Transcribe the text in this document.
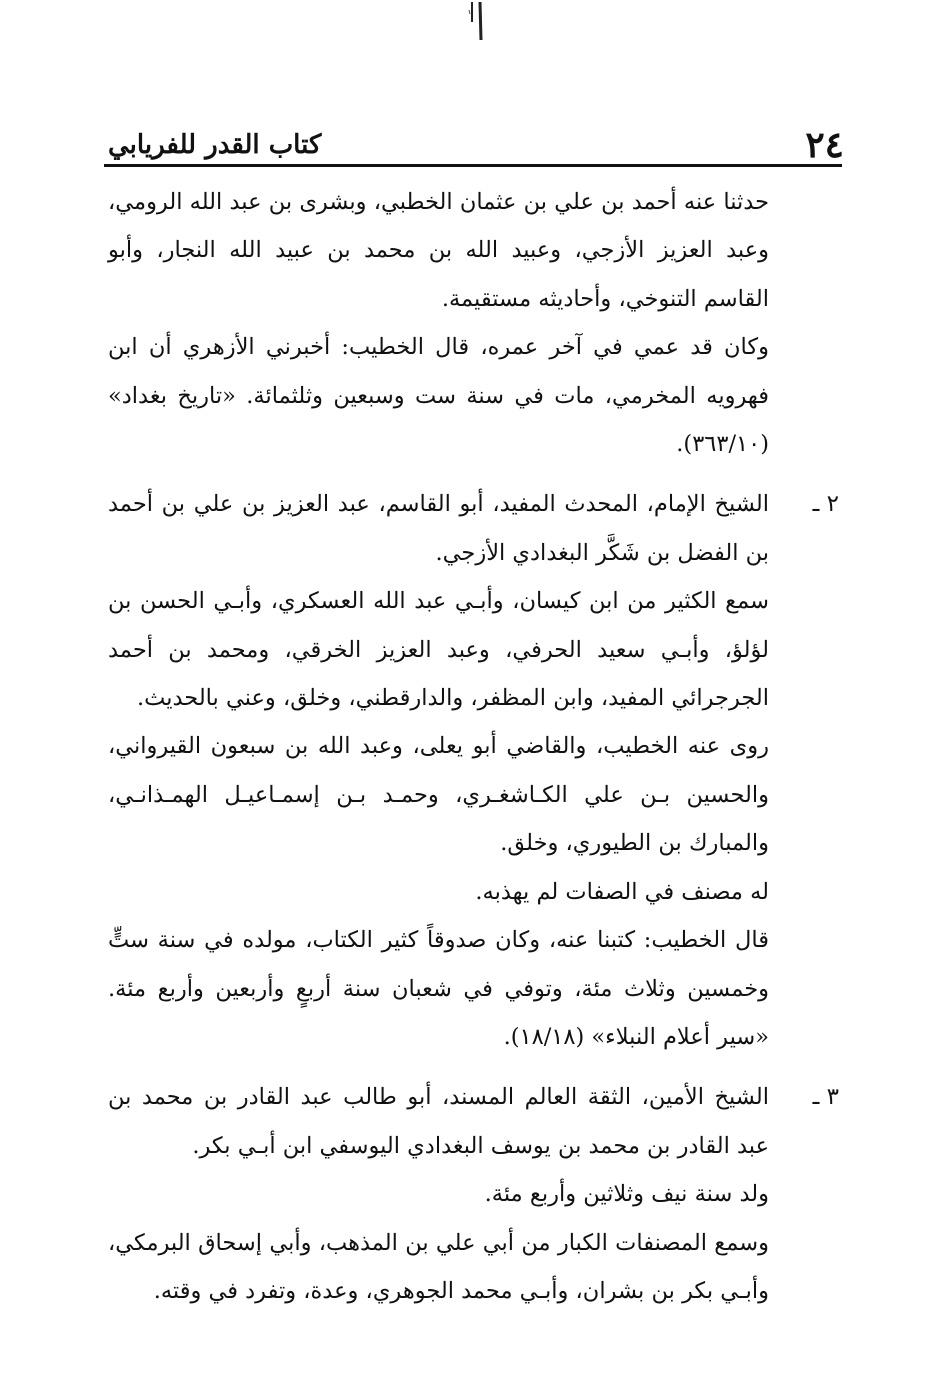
٢٤
كتاب القدر للفريابي

حدثنا عنه أحمد بن علي بن عثمان الخطبي، وبشرى بن عبد الله الرومي، وعبد العزيز الأزجي، وعبيد الله بن محمد بن عبيد الله النجار، وأبو القاسم التنوخي، وأحاديثه مستقيمة.

وكان قد عمي في آخر عمره، قال الخطيب: أخبرني الأزهري أن ابن فهرويه المخرمي، مات في سنة ست وسبعين وثلثمائة. «تاريخ بغداد» (٣٦٣/١٠).

٢ ـ

الشيخ الإمام، المحدث المفيد، أبو القاسم، عبد العزيز بن علي بن أحمد بن الفضل بن شَكَّر البغدادي الأزجي.

سمع الكثير من ابن كيسان، وأبـي عبد الله العسكري، وأبـي الحسن بن لؤلؤ، وأبـي سعيد الحرفي، وعبد العزيز الخرقي، ومحمد بن أحمد الجرجرائي المفيد، وابن المظفر، والدارقطني، وخلق، وعني بالحديث.

روى عنه الخطيب، والقاضي أبو يعلى، وعبد الله بن سبعون القيرواني، والحسين بـن علي الكـاشغـري، وحمـد بـن إسمـاعيـل الهمـذانـي، والمبارك بن الطيوري، وخلق.

له مصنف في الصفات لم يهذبه.

قال الخطيب: كتبنا عنه، وكان صدوقاً كثير الكتاب، مولده في سنة ستٍّ وخمسين وثلاث مئة، وتوفي في شعبان سنة أربعٍ وأربعين وأربع مئة. «سير أعلام النبلاء» (١٨/١٨).

٣ ـ

الشيخ الأمين، الثقة العالم المسند، أبو طالب عبد القادر بن محمد بن عبد القادر بن محمد بن يوسف البغدادي اليوسفي ابن أبـي بكر.

ولد سنة نيف وثلاثين وأربع مئة.

وسمع المصنفات الكبار من أبي علي بن المذهب، وأبي إسحاق البرمكي، وأبـي بكر بن بشران، وأبـي محمد الجوهري، وعدة، وتفرد في وقته.
